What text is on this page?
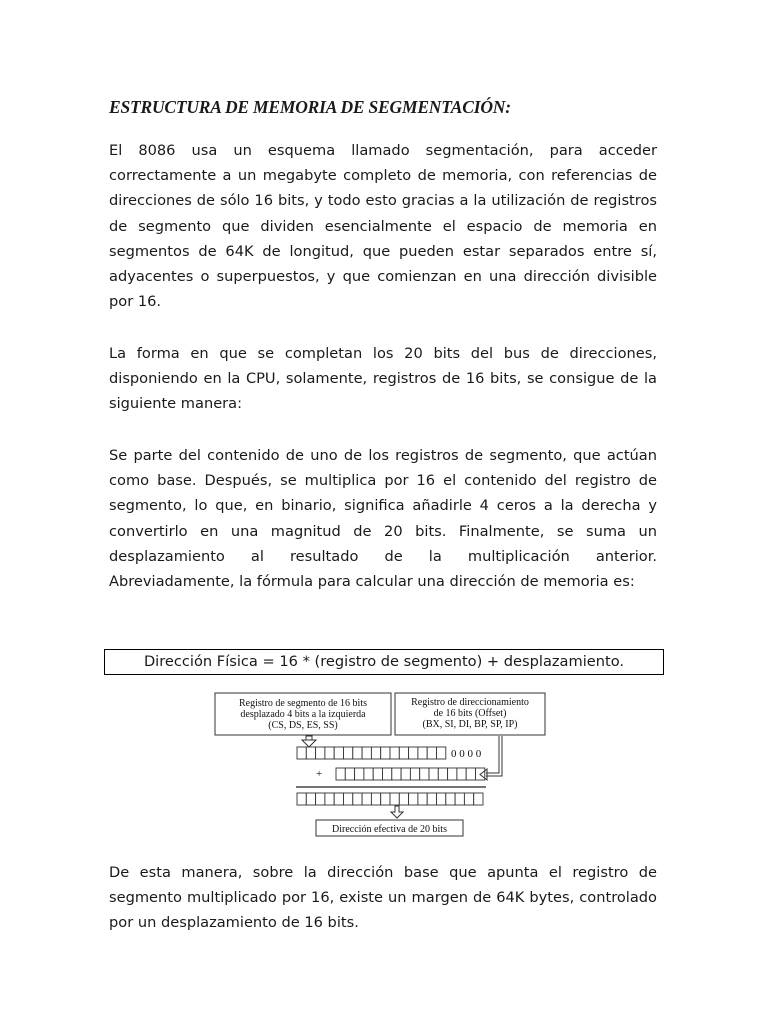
ESTRUCTURA DE MEMORIA DE SEGMENTACIÓN:

El 8086 usa un esquema llamado segmentación, para acceder correctamente a un megabyte completo de memoria, con referencias de direcciones de sólo 16 bits, y todo esto gracias a la utilización de registros de segmento que dividen esencialmente el espacio de memoria en segmentos de 64K de longitud, que pueden estar separados entre sí, adyacentes o superpuestos, y que comienzan en una dirección divisible por 16.

La forma en que se completan los 20 bits del bus de direcciones, disponiendo en la CPU, solamente, registros de 16 bits, se consigue de la siguiente manera:

Se parte del contenido de uno de los registros de segmento, que actúan como base. Después, se multiplica por 16 el contenido del registro de segmento, lo que, en binario, significa añadirle 4 ceros a la derecha y convertirlo en una magnitud de 20 bits. Finalmente, se suma un desplazamiento al resultado de la multiplicación anterior. Abreviadamente, la fórmula para calcular una dirección de memoria es:

Dirección Física = 16 * (registro de segmento) + desplazamiento.
Registro de segmento de 16 bits
desplazado 4 bits a la izquierda
(CS, DS, ES, SS)
Registro de direccionamiento
de 16 bits (Offset)
(BX, SI, DI, BP, SP, IP)
0 0 0 0
+
Dirección efectiva de 20 bits

De esta manera, sobre la dirección base que apunta el registro de segmento multiplicado por 16, existe un margen de 64K bytes, controlado por un desplazamiento de 16 bits.
